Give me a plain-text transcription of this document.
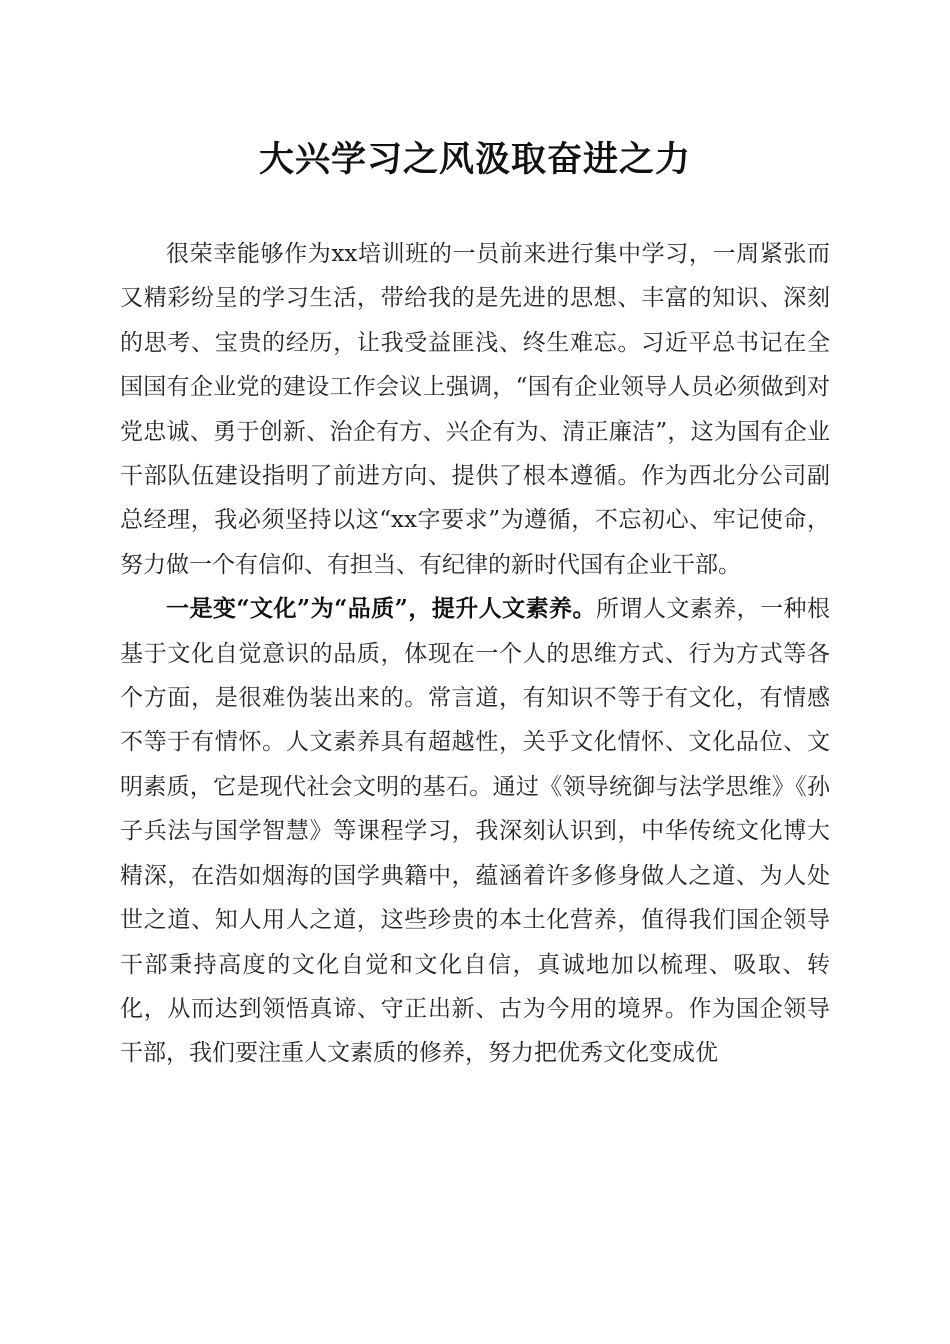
大兴学习之风汲取奋进之力

很荣幸能够作为xx培训班的一员前来进行集中学习，一周紧张而又精彩纷呈的学习生活，带给我的是先进的思想、丰富的知识、深刻的思考、宝贵的经历，让我受益匪浅、终生难忘。习近平总书记在全国国有企业党的建设工作会议上强调，“国有企业领导人员必须做到对党忠诚、勇于创新、治企有方、兴企有为、清正廉洁”，这为国有企业干部队伍建设指明了前进方向、提供了根本遵循。作为西北分公司副总经理，我必须坚持以这“xx字要求”为遵循，不忘初心、牢记使命，努力做一个有信仰、有担当、有纪律的新时代国有企业干部。

一是变“文化”为“品质”，提升人文素养。所谓人文素养，一种根基于文化自觉意识的品质，体现在一个人的思维方式、行为方式等各个方面，是很难伪装出来的。常言道，有知识不等于有文化，有情感不等于有情怀。人文素养具有超越性，关乎文化情怀、文化品位、文明素质，它是现代社会文明的基石。通过《领导统御与法学思维》《孙子兵法与国学智慧》等课程学习，我深刻认识到，中华传统文化博大精深，在浩如烟海的国学典籍中，蕴涵着许多修身做人之道、为人处世之道、知人用人之道，这些珍贵的本土化营养，值得我们国企领导干部秉持高度的文化自觉和文化自信，真诚地加以梳理、吸取、转化，从而达到领悟真谛、守正出新、古为今用的境界。作为国企领导干部，我们要注重人文素质的修养，努力把优秀文化变成优
